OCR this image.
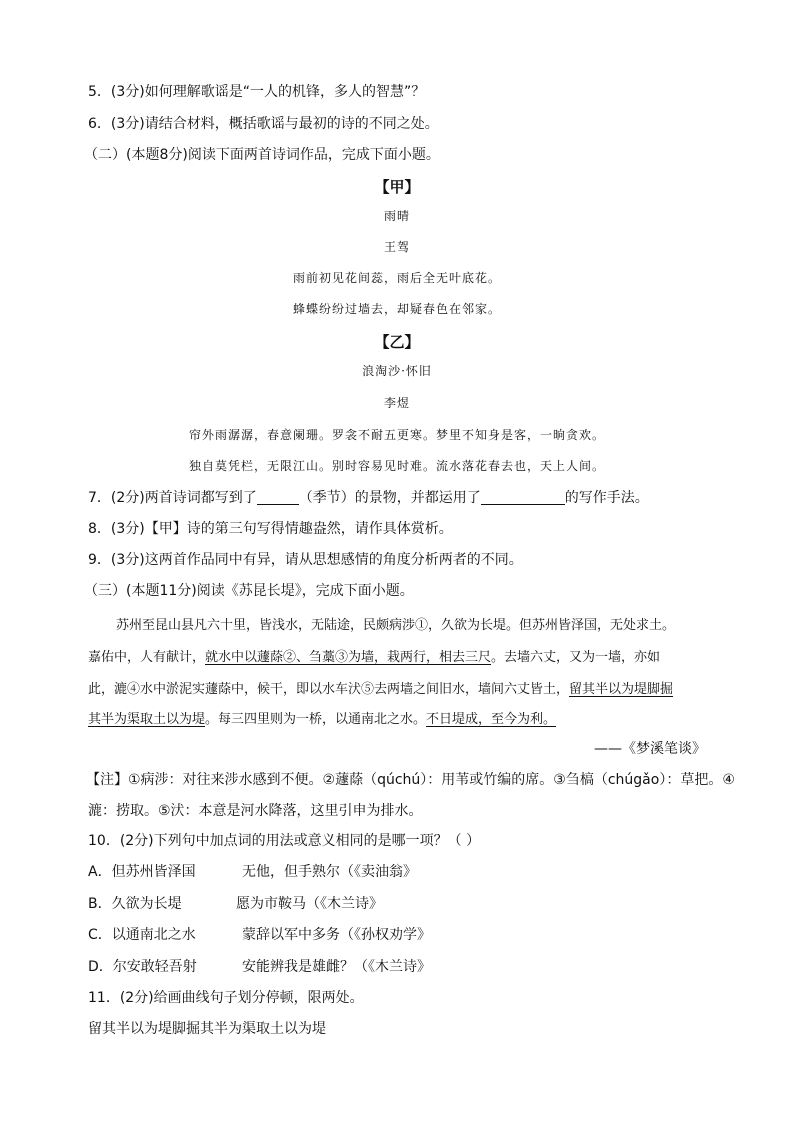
5．(3分)如何理解歌谣是“一人的机锋，多人的智慧”？
6．(3分)请结合材料，概括歌谣与最初的诗的不同之处。
（二）(本题8分)阅读下面两首诗词作品，完成下面小题。
【甲】
雨晴
王驾
雨前初见花间蕊，雨后全无叶底花。
蜂蝶纷纷过墙去，却疑春色在邻家。
【乙】
浪淘沙·怀旧
李煜
帘外雨潺潺，春意阑珊。罗衾不耐五更寒。梦里不知身是客，一晌贪欢。
独自莫凭栏，无限江山。别时容易见时难。流水落花春去也，天上人间。
7．(2分)两首诗词都写到了	（季节）的景物，并都运用了	的写作手法。
8．(3分)【甲】诗的第三句写得情趣盎然，请作具体赏析。
9．(3分)这两首作品同中有异，请从思想感情的角度分析两者的不同。
（三）(本题11分)阅读《苏昆长堤》，完成下面小题。
苏州至昆山县凡六十里，皆浅水，无陆途，民颇病涉①，久欲为长堤。但苏州皆泽国，无处求土。
嘉佑中，人有献计，就水中以蘧蒢②、刍藁③为墙，栽两行，相去三尺。去墙六丈，又为一墙，亦如
此，漉④水中淤泥实蘧蒢中，候干，即以水车汱⑤去两墙之间旧水，墙间六丈皆土，留其半以为堤脚掘
其半为渠取土以为堤。每三四里则为一桥，以通南北之水。不日堤成，至今为利。
——《梦溪笔谈》
【注】①病涉：对往来涉水感到不便。②蘧蒢（qúchú）：用苇或竹编的席。③刍槁（chúgǎo）：草把。④
漉：捞取。⑤汱：本意是河水降落，这里引申为排水。
10．(2分)下列句中加点词的用法或意义相同的是哪一项？（ ）
A．但苏州皆泽国	无他，但手熟尔（《卖油翁》
B．久欲为长堤	愿为市鞍马（《木兰诗》
C．以通南北之水	蒙辞以军中多务（《孙权劝学》
D．尔安敢轻吾射	安能辨我是雄雌？（《木兰诗》
11．(2分)给画曲线句子划分停顿，限两处。
留其半以为堤脚掘其半为渠取土以为堤
